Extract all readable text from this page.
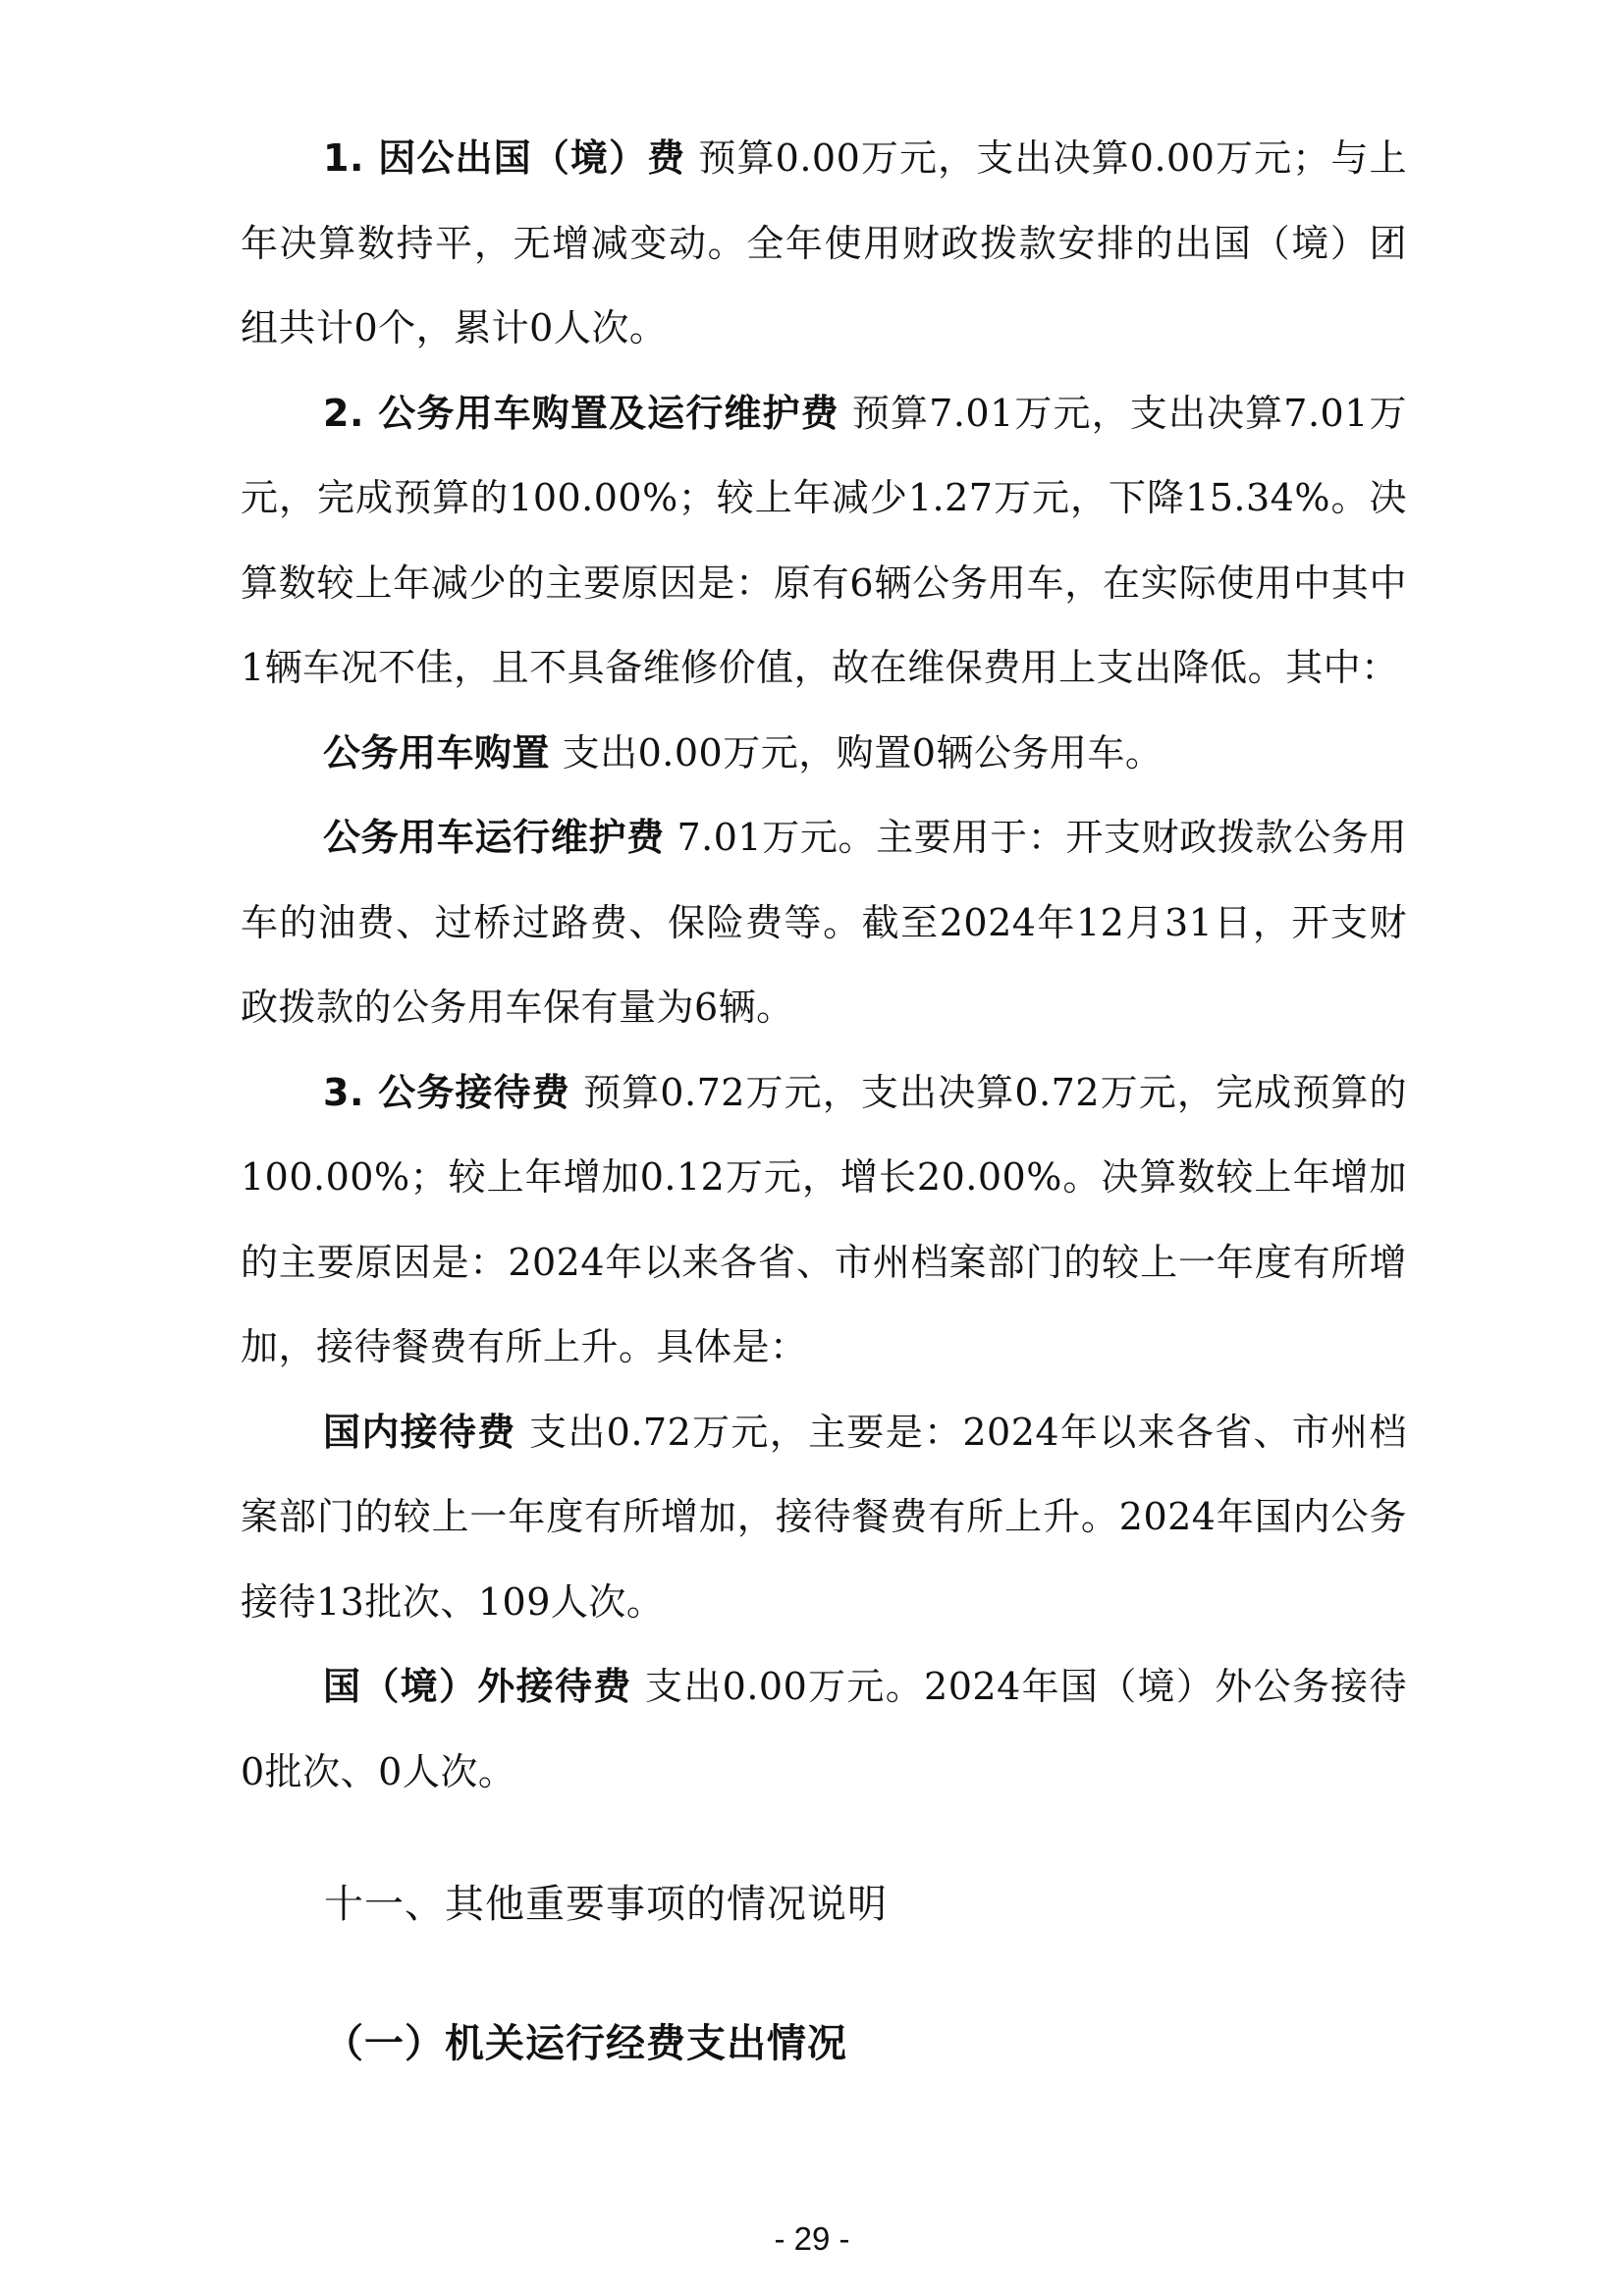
1. 因公出国（境）费 预算0.00万元，支出决算0.00万元；与上年决算数持平，无增减变动。全年使用财政拨款安排的出国（境）团组共计0个，累计0人次。

2. 公务用车购置及运行维护费 预算7.01万元，支出决算7.01万元，完成预算的100.00%；较上年减少1.27万元，下降15.34%。决算数较上年减少的主要原因是：原有6辆公务用车，在实际使用中其中1辆车况不佳，且不具备维修价值，故在维保费用上支出降低。其中：

公务用车购置 支出0.00万元，购置0辆公务用车。

公务用车运行维护费 7.01万元。主要用于：开支财政拨款公务用车的油费、过桥过路费、保险费等。截至2024年12月31日，开支财政拨款的公务用车保有量为6辆。

3. 公务接待费 预算0.72万元，支出决算0.72万元，完成预算的100.00%；较上年增加0.12万元，增长20.00%。决算数较上年增加的主要原因是：2024年以来各省、市州档案部门的较上一年度有所增加，接待餐费有所上升。具体是：

国内接待费 支出0.72万元，主要是：2024年以来各省、市州档案部门的较上一年度有所增加，接待餐费有所上升。2024年国内公务接待13批次、109人次。

国（境）外接待费 支出0.00万元。2024年国（境）外公务接待0批次、0人次。

十一、其他重要事项的情况说明
（一）机关运行经费支出情况
- 29 -
